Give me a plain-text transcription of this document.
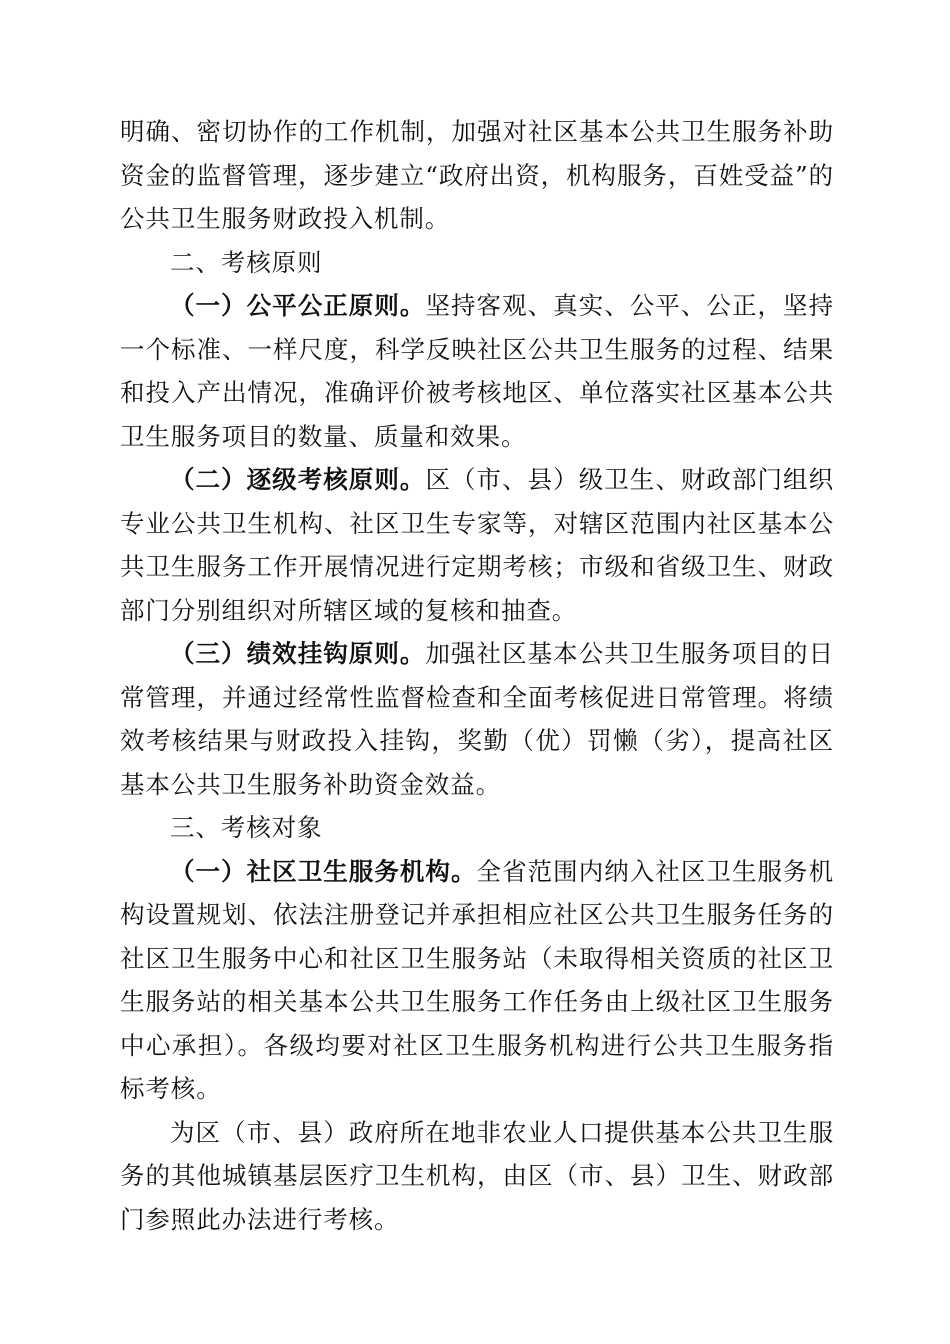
明确、密切协作的工作机制，加强对社区基本公共卫生服务补助资金的监督管理，逐步建立“政府出资，机构服务，百姓受益”的公共卫生服务财政投入机制。

二、考核原则

（一）公平公正原则。坚持客观、真实、公平、公正，坚持一个标准、一样尺度，科学反映社区公共卫生服务的过程、结果和投入产出情况，准确评价被考核地区、单位落实社区基本公共卫生服务项目的数量、质量和效果。

（二）逐级考核原则。区（市、县）级卫生、财政部门组织专业公共卫生机构、社区卫生专家等，对辖区范围内社区基本公共卫生服务工作开展情况进行定期考核；市级和省级卫生、财政部门分别组织对所辖区域的复核和抽查。

（三）绩效挂钩原则。加强社区基本公共卫生服务项目的日常管理，并通过经常性监督检查和全面考核促进日常管理。将绩效考核结果与财政投入挂钩，奖勤（优）罚懒（劣），提高社区基本公共卫生服务补助资金效益。

三、考核对象

（一）社区卫生服务机构。全省范围内纳入社区卫生服务机构设置规划、依法注册登记并承担相应社区公共卫生服务任务的社区卫生服务中心和社区卫生服务站（未取得相关资质的社区卫生服务站的相关基本公共卫生服务工作任务由上级社区卫生服务中心承担）。各级均要对社区卫生服务机构进行公共卫生服务指标考核。

为区（市、县）政府所在地非农业人口提供基本公共卫生服务的其他城镇基层医疗卫生机构，由区（市、县）卫生、财政部门参照此办法进行考核。
